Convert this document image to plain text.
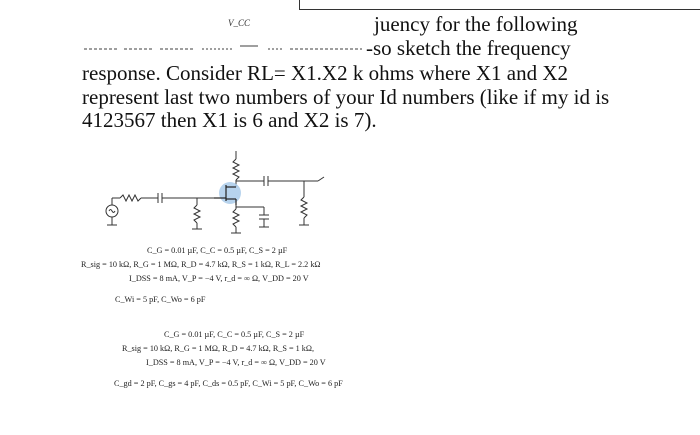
V_CC	juency for the following
-so sketch the frequency
response. Consider RL= X1.X2 k ohms where X1 and X2 represent last two numbers of your Id numbers (like if my id is 4123567 then X1 is 6 and X2 is 7).
C_G = 0.01 µF, C_C = 0.5 µF, C_S = 2 µF
R_sig = 10 kΩ, R_G = 1 MΩ, R_D = 4.7 kΩ, R_S = 1 kΩ, R_L = 2.2 kΩ
I_DSS = 8 mA, V_P = −4 V, r_d = ∞ Ω, V_DD = 20 V
C_Wi = 5 pF, C_Wo = 6 pF
C_G = 0.01 µF, C_C = 0.5 µF, C_S = 2 µF
R_sig = 10 kΩ, R_G = 1 MΩ, R_D = 4.7 kΩ, R_S = 1 kΩ,
I_DSS = 8 mA, V_P = −4 V, r_d = ∞ Ω, V_DD = 20 V
C_gd = 2 pF, C_gs = 4 pF, C_ds = 0.5 pF, C_Wi = 5 pF, C_Wo = 6 pF
